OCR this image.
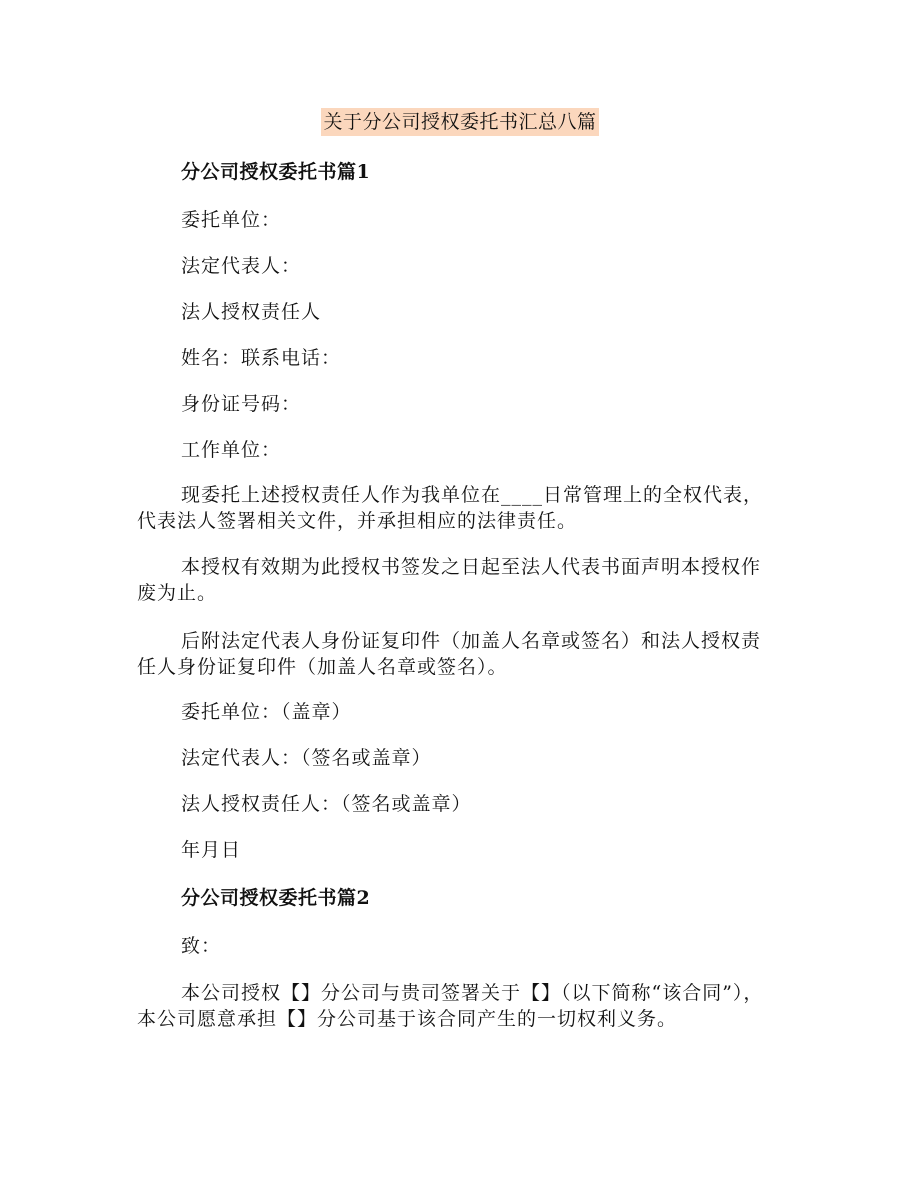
关于分公司授权委托书汇总八篇
分公司授权委托书篇1
委托单位：
法定代表人：
法人授权责任人
姓名：联系电话：
身份证号码：
工作单位：
现委托上述授权责任人作为我单位在____日常管理上的全权代表，代表法人签署相关文件，并承担相应的法律责任。
本授权有效期为此授权书签发之日起至法人代表书面声明本授权作废为止。
后附法定代表人身份证复印件（加盖人名章或签名）和法人授权责任人身份证复印件（加盖人名章或签名）。
委托单位：（盖章）
法定代表人：（签名或盖章）
法人授权责任人：（签名或盖章）
年月日
分公司授权委托书篇2
致：
本公司授权【】分公司与贵司签署关于【】（以下简称“该合同”），本公司愿意承担【】分公司基于该合同产生的一切权利义务。
